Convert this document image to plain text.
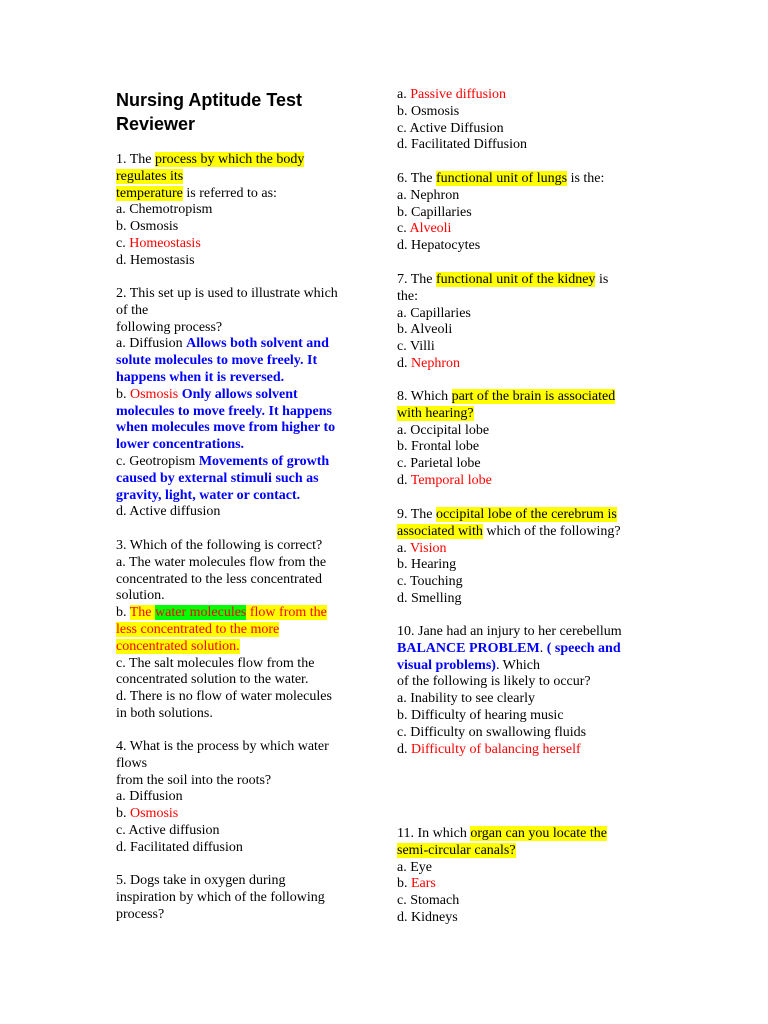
Nursing Aptitude Test
Reviewer
1. The process by which the body
regulates its
temperature is referred to as:
a. Chemotropism
b. Osmosis
c. Homeostasis
d. Hemostasis
2. This set up is used to illustrate which
of the
following process?
a. Diffusion Allows both solvent and
solute molecules to move freely. It
happens when it is reversed.
b. Osmosis Only allows solvent
molecules to move freely. It happens
when molecules move from higher to
lower concentrations.
c. Geotropism Movements of growth
caused by external stimuli such as
gravity, light, water or contact.
d. Active diffusion
3. Which of the following is correct?
a. The water molecules flow from the
concentrated to the less concentrated
solution.
b. The water molecules flow from the
less concentrated to the more
concentrated solution.
c. The salt molecules flow from the
concentrated solution to the water.
d. There is no flow of water molecules
in both solutions.
4. What is the process by which water
flows
from the soil into the roots?
a. Diffusion
b. Osmosis
c. Active diffusion
d. Facilitated diffusion
5. Dogs take in oxygen during
inspiration by which of the following
process?
a. Passive diffusion
b. Osmosis
c. Active Diffusion
d. Facilitated Diffusion
6. The functional unit of lungs is the:
a. Nephron
b. Capillaries
c. Alveoli
d. Hepatocytes
7. The functional unit of the kidney is
the:
a. Capillaries
b. Alveoli
c. Villi
d. Nephron
8. Which part of the brain is associated
with hearing?
a. Occipital lobe
b. Frontal lobe
c. Parietal lobe
d. Temporal lobe
9. The occipital lobe of the cerebrum is
associated with which of the following?
a. Vision
b. Hearing
c. Touching
d. Smelling
10. Jane had an injury to her cerebellum
BALANCE PROBLEM. ( speech and
visual problems). Which
of the following is likely to occur?
a. Inability to see clearly
b. Difficulty of hearing music
c. Difficulty on swallowing fluids
d. Difficulty of balancing herself
11. In which organ can you locate the
semi-circular canals?
a. Eye
b. Ears
c. Stomach
d. Kidneys
